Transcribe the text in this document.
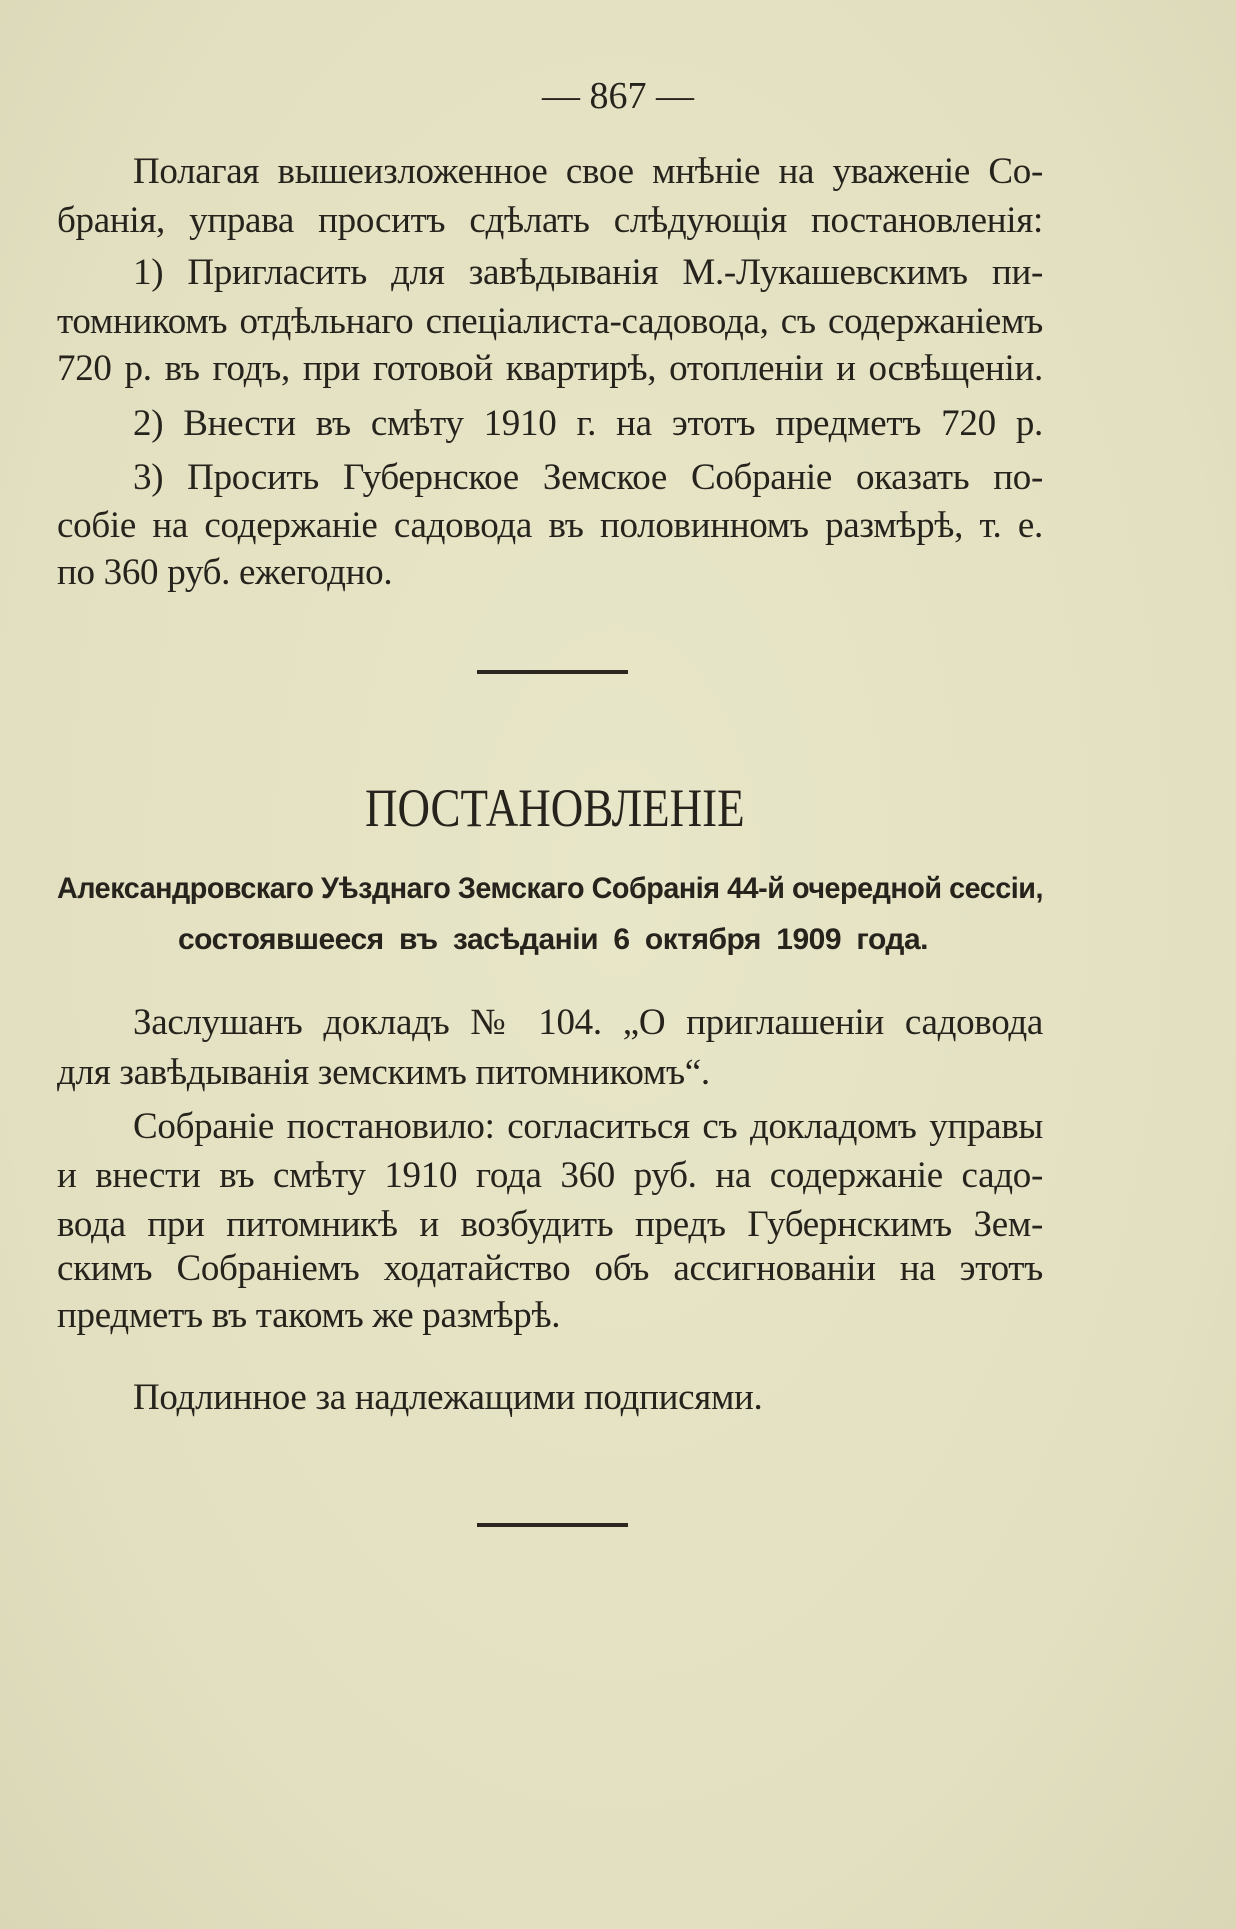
— 867 —
Полагая вышеизложенное свое мнѣніе на уваженіе Со-
бранія, управа проситъ сдѣлать слѣдующія постановленія:
1) Пригласить для завѣдыванія М.-Лукашевскимъ пи-
томникомъ отдѣльнаго спеціалиста-садовода, съ содержаніемъ
720 р. въ годъ, при готовой квартирѣ, отопленіи и освѣщеніи.
2) Внести въ смѣту 1910 г. на этотъ предметъ 720 р.
3) Просить Губернское Земское Собраніе оказать по-
собіе на содержаніе садовода въ половинномъ размѣрѣ, т. е.
по 360 руб. ежегодно.
ПОСТАНОВЛЕНІЕ
Александровскаго Уѣзднаго Земскаго Собранія 44-й очередной сессіи,
состоявшееся въ засѣданіи 6 октября 1909 года.
Заслушанъ докладъ № 104. „О приглашеніи садовода
для завѣдыванія земскимъ питомникомъ“.
Собраніе постановило: согласиться съ докладомъ управы
и внести въ смѣту 1910 года 360 руб. на содержаніе садо-
вода при питомникѣ и возбудить предъ Губернскимъ Зем-
скимъ Собраніемъ ходатайство объ ассигнованіи на этотъ
предметъ въ такомъ же размѣрѣ.
Подлинное за надлежащими подписями.
